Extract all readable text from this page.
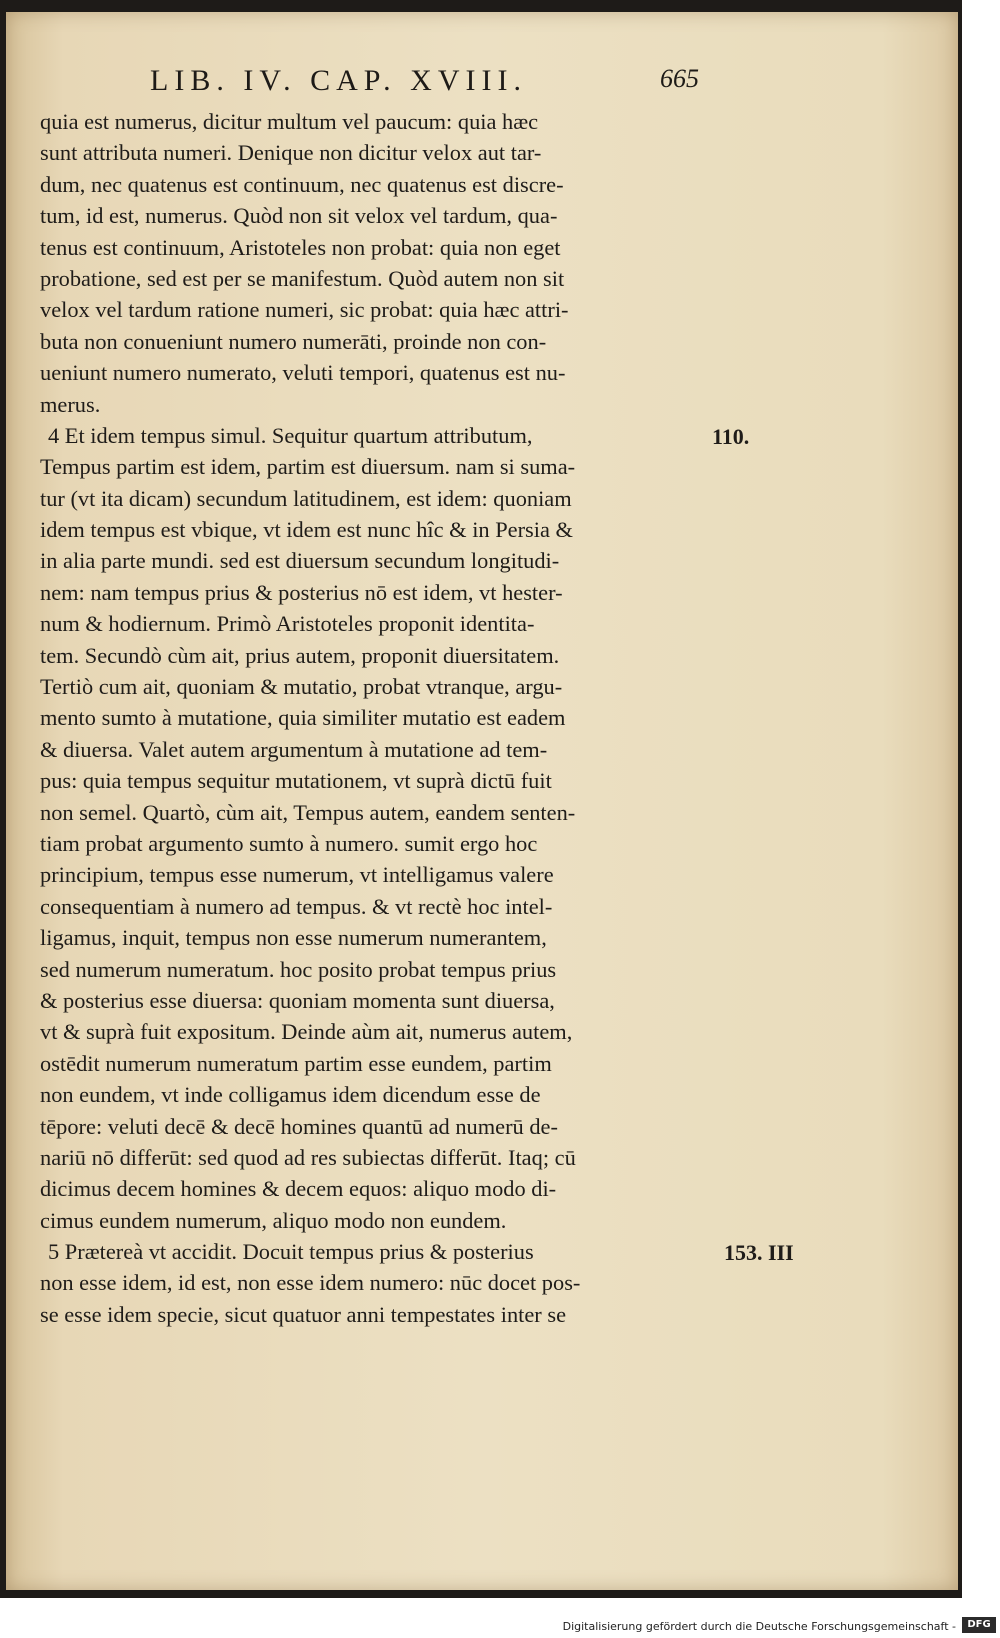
LIB. IV. CAP. XVIII.	665
quia est numerus, dicitur multum vel paucum: quia hæc
sunt attributa numeri. Denique non dicitur velox aut tar-
dum, nec quatenus est continuum, nec quatenus est discre-
tum, id est, numerus. Quòd non sit velox vel tardum, qua-
tenus est continuum, Aristoteles non probat: quia non eget
probatione, sed est per se manifestum. Quòd autem non sit
velox vel tardum ratione numeri, sic probat: quia hæc attri-
buta non conueniunt numero numerāti, proinde non con-
ueniunt numero numerato, veluti tempori, quatenus est nu-
merus.
4 Et idem tempus simul. Sequitur quartum attributum,
Tempus partim est idem, partim est diuersum. nam si suma-
tur (vt ita dicam) secundum latitudinem, est idem: quoniam
idem tempus est vbique, vt idem est nunc hîc & in Persia &
in alia parte mundi. sed est diuersum secundum longitudi-
nem: nam tempus prius & posterius nō est idem, vt hester-
num & hodiernum. Primò Aristoteles proponit identita-
tem. Secundò cùm ait, prius autem, proponit diuersitatem.
Tertiò cum ait, quoniam & mutatio, probat vtranque, argu-
mento sumto à mutatione, quia similiter mutatio est eadem
& diuersa. Valet autem argumentum à mutatione ad tem-
pus: quia tempus sequitur mutationem, vt suprà dictū fuit
non semel. Quartò, cùm ait, Tempus autem, eandem senten-
tiam probat argumento sumto à numero. sumit ergo hoc
principium, tempus esse numerum, vt intelligamus valere
consequentiam à numero ad tempus. & vt rectè hoc intel-
ligamus, inquit, tempus non esse numerum numerantem,
sed numerum numeratum. hoc posito probat tempus prius
& posterius esse diuersa: quoniam momenta sunt diuersa,
vt & suprà fuit expositum. Deinde aùm ait, numerus autem,
ostēdit numerum numeratum partim esse eundem, partim
non eundem, vt inde colligamus idem dicendum esse de
tēpore: veluti decē & decē homines quantū ad numerū de-
nariū nō differūt: sed quod ad res subiectas differūt. Itaq; cū
dicimus decem homines & decem equos: aliquo modo di-
cimus eundem numerum, aliquo modo non eundem.
5 Prætereà vt accidit. Docuit tempus prius & posterius
non esse idem, id est, non esse idem numero: nūc docet pos-
se esse idem specie, sicut quatuor anni tempestates inter se
110.
153. III
Digitalisierung gefördert durch die Deutsche Forschungsgemeinschaft -	DFG
